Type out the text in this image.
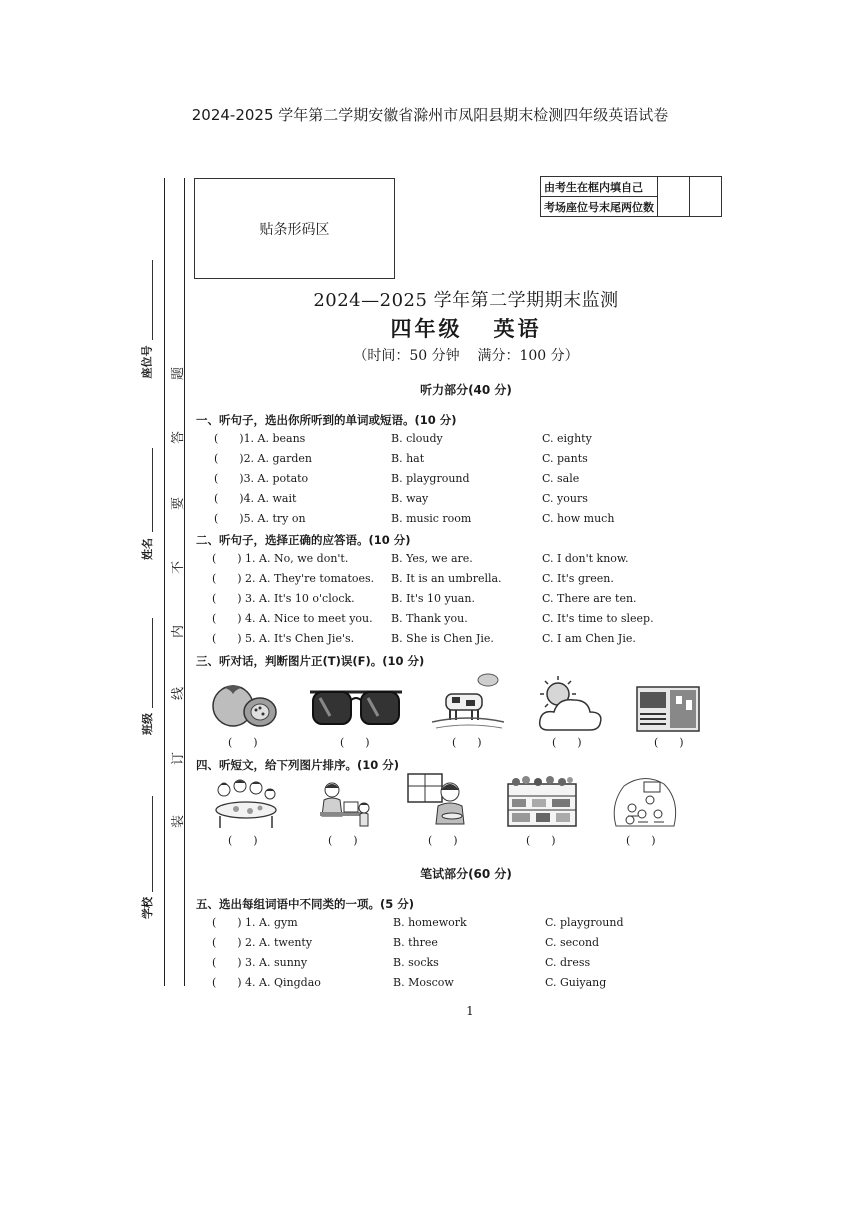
2024-2025 学年第二学期安徽省滁州市凤阳县期末检测四年级英语试卷
座位号
姓名
班级
学校
题
答
要
不
内
线
订
装
贴条形码区
由考生在框内填自己		
考场座位号末尾两位数
2024—2025 学年第二学期期末监测
四年级   英语
（时间：50 分钟    满分：100 分）
听力部分(40 分)
一、听句子，选出你所听到的单词或短语。(10 分)
(      )1. A. beans	B. cloudy	C. eighty
(      )2. A. garden	B. hat	C. pants
(      )3. A. potato	B. playground	C. sale
(      )4. A. wait	B. way	C. yours
(      )5. A. try on	B. music room	C. how much
二、听句子，选择正确的应答语。(10 分)
(      ) 1. A. No, we don't.	B. Yes, we are.	C. I don't know.
(      ) 2. A. They're tomatoes. B. It is an umbrella.	C. It's green.
(      ) 3. A. It's 10 o'clock.	B. It's 10 yuan.	C. There are ten.
(      ) 4. A. Nice to meet you. B. Thank you.	C. It's time to sleep.
(      ) 5. A. It's Chen Jie's.	B. She is Chen Jie.	C. I am Chen Jie.
三、听对话，判断图片正(T)误(F)。(10 分)
(      )	(      )	(      )	(      )	(      )
四、听短文，给下列图片排序。(10 分)
(      )	(      )	(      )	(      )	(      )
笔试部分(60 分)
五、选出每组词语中不同类的一项。(5 分)
(      ) 1. A. gym	B. homework	C. playground
(      ) 2. A. twenty	B. three	C. second
(      ) 3. A. sunny	B. socks	C. dress
(      ) 4. A. Qingdao	B. Moscow	C. Guiyang
1
